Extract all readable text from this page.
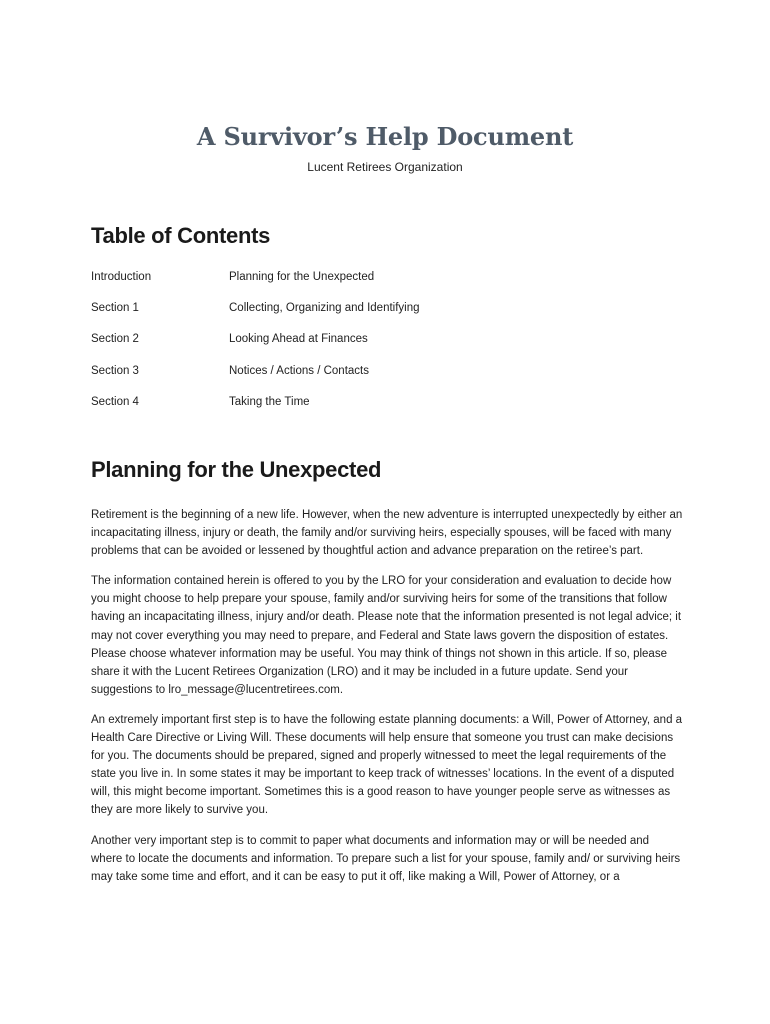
A Survivor’s Help Document
Lucent Retirees Organization
Table of Contents
Introduction	Planning for the Unexpected
Section 1	Collecting, Organizing and Identifying
Section 2	Looking Ahead at Finances
Section 3	Notices / Actions / Contacts
Section 4	Taking the Time
Planning for the Unexpected

Retirement is the beginning of a new life. However, when the new adventure is interrupted unexpectedly by either an incapacitating illness, injury or death, the family and/or surviving heirs, especially spouses, will be faced with many problems that can be avoided or lessened by thoughtful action and advance preparation on the retiree’s part.

The information contained herein is offered to you by the LRO for your consideration and evaluation to decide how you might choose to help prepare your spouse, family and/or surviving heirs for some of the transitions that follow having an incapacitating illness, injury and/or death. Please note that the information presented is not legal advice; it may not cover everything you may need to prepare, and Federal and State laws govern the disposition of estates. Please choose whatever information may be useful. You may think of things not shown in this article. If so, please share it with the Lucent Retirees Organization (LRO) and it may be included in a future update. Send your suggestions to lro_message@lucentretirees.com.

An extremely important first step is to have the following estate planning documents: a Will, Power of Attorney, and a Health Care Directive or Living Will. These documents will help ensure that someone you trust can make decisions for you. The documents should be prepared, signed and properly witnessed to meet the legal requirements of the state you live in. In some states it may be important to keep track of witnesses’ locations. In the event of a disputed will, this might become important. Sometimes this is a good reason to have younger people serve as witnesses as they are more likely to survive you.

Another very important step is to commit to paper what documents and information may or will be needed and where to locate the documents and information. To prepare such a list for your spouse, family and/ or surviving heirs may take some time and effort, and it can be easy to put it off, like making a Will, Power of Attorney, or a
